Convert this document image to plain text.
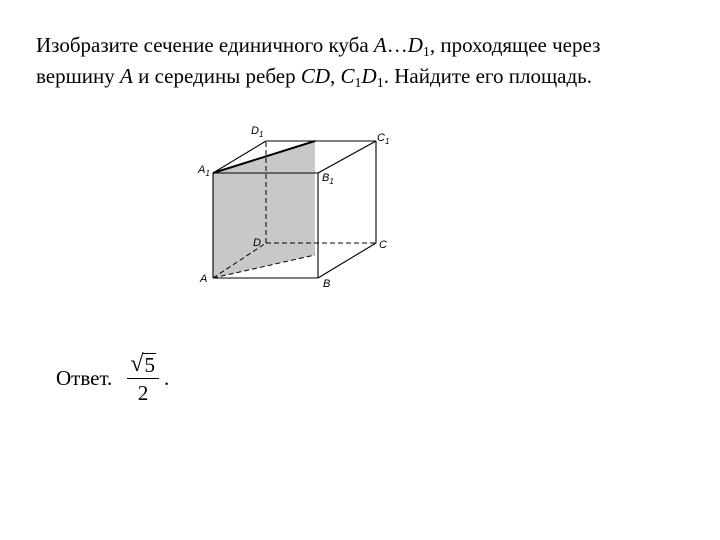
Изобразите сечение единичного куба $A\dots D_1$, проходящее через
вершину A и середины ребер CD, $C_1D_1$. Найдите его площадь.

A	B
C
D
$A_1$	$B_1$
$C_1$
$D_1$
Ответ. $\frac{√ 5}{2}$ .
